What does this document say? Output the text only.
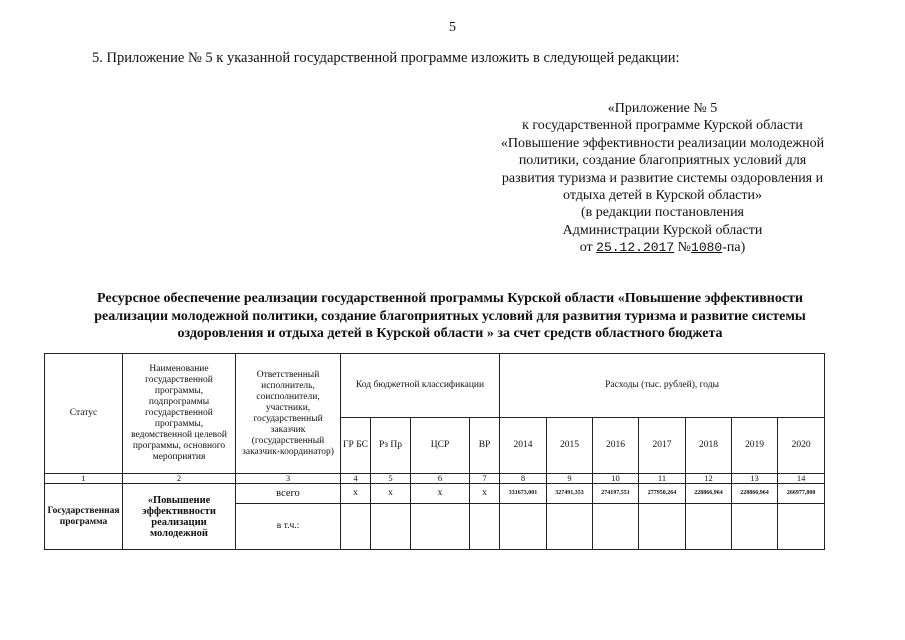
5
5. Приложение № 5 к указанной государственной программе изложить в следующей редакции:
«Приложение № 5
к государственной программе Курской области
«Повышение эффективности реализации молодежной
политики, создание благоприятных условий для
развития туризма и развитие системы оздоровления и
отдыха детей в Курской области»
(в редакции постановления
Администрации Курской области
от 25.12.2017 №1080-па)
Ресурсное обеспечение реализации государственной программы Курской области «Повышение эффективности
реализации молодежной политики, создание благоприятных условий для развития туризма и развитие системы
оздоровления и отдыха детей в Курской области » за счет средств областного бюджета
Статус	Наименование государственной программы, подпрограммы государственной программы, ведомственной целевой программы, основного мероприятия	Ответственный исполнитель, соисполнители, участники, государственный заказчик (государственный заказчик-координатор)	Код бюджетной классификации				Расходы (тыс. рублей), годы						
			ГР БС	Рз Пр	ЦСР	ВР	2014	2015	2016	2017	2018	2019	2020
1	2	3	4	5	6	7	8	9	10	11	12	13	14
Государственная программа	«Повышение эффективности реализации молодежной	всего	х	х	х	х	331673,001	327491,353	274197,551	277950,264	228866,964	228866,964	266977,800
		в т.ч.:											
